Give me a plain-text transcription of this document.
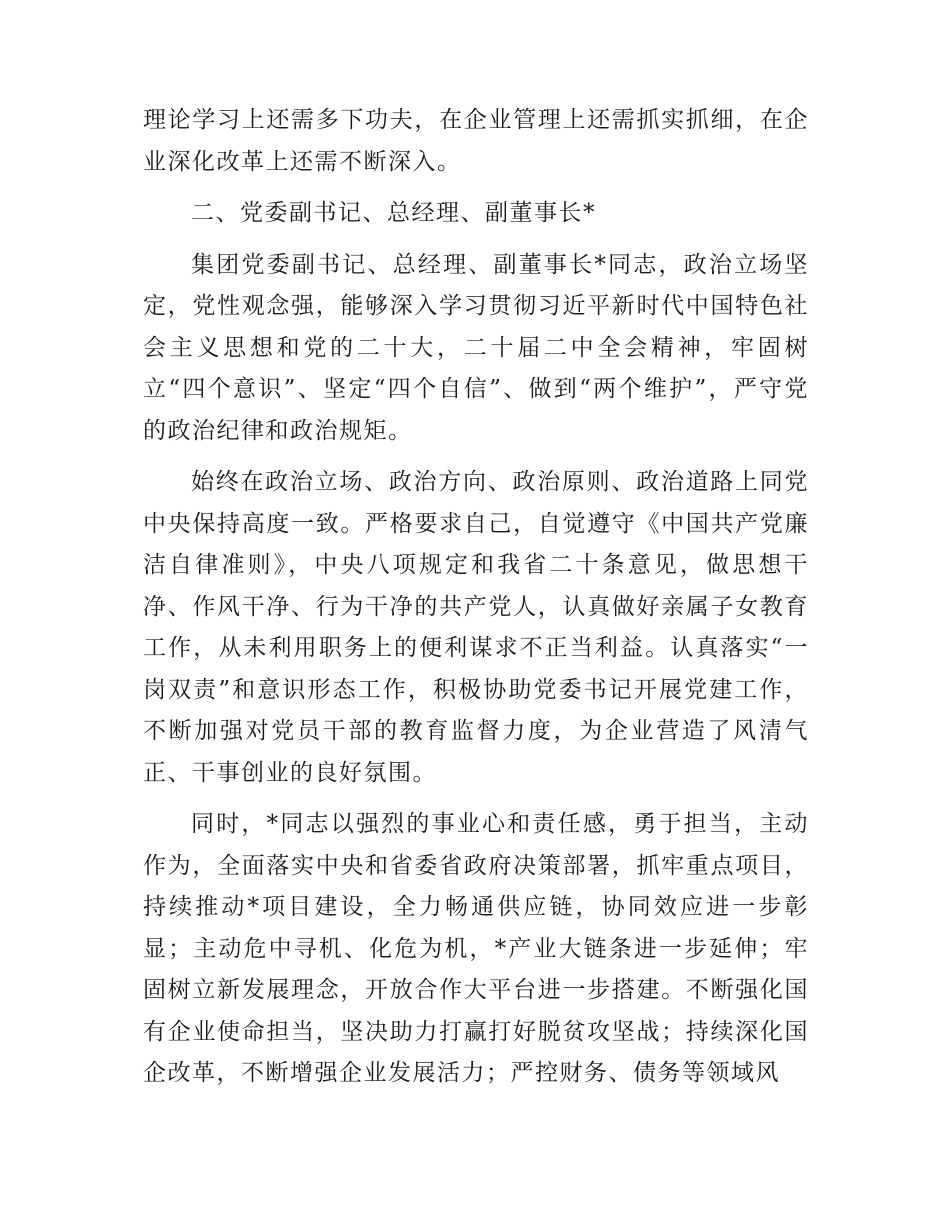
理论学习上还需多下功夫，在企业管理上还需抓实抓细，在企业深化改革上还需不断深入。

二、党委副书记、总经理、副董事长*

集团党委副书记、总经理、副董事长*同志，政治立场坚定，党性观念强，能够深入学习贯彻习近平新时代中国特色社会主义思想和党的二十大，二十届二中全会精神，牢固树立“四个意识”、坚定“四个自信”、做到“两个维护”，严守党的政治纪律和政治规矩。

始终在政治立场、政治方向、政治原则、政治道路上同党中央保持高度一致。严格要求自己，自觉遵守《中国共产党廉洁自律准则》，中央八项规定和我省二十条意见，做思想干净、作风干净、行为干净的共产党人，认真做好亲属子女教育工作，从未利用职务上的便利谋求不正当利益。认真落实“一岗双责”和意识形态工作，积极协助党委书记开展党建工作，不断加强对党员干部的教育监督力度，为企业营造了风清气正、干事创业的良好氛围。

同时，*同志以强烈的事业心和责任感，勇于担当，主动作为，全面落实中央和省委省政府决策部署，抓牢重点项目，持续推动*项目建设，全力畅通供应链，协同效应进一步彰显；主动危中寻机、化危为机，*产业大链条进一步延伸；牢固树立新发展理念，开放合作大平台进一步搭建。不断强化国有企业使命担当，坚决助力打赢打好脱贫攻坚战；持续深化国企改革，不断增强企业发展活力；严控财务、债务等领域风
